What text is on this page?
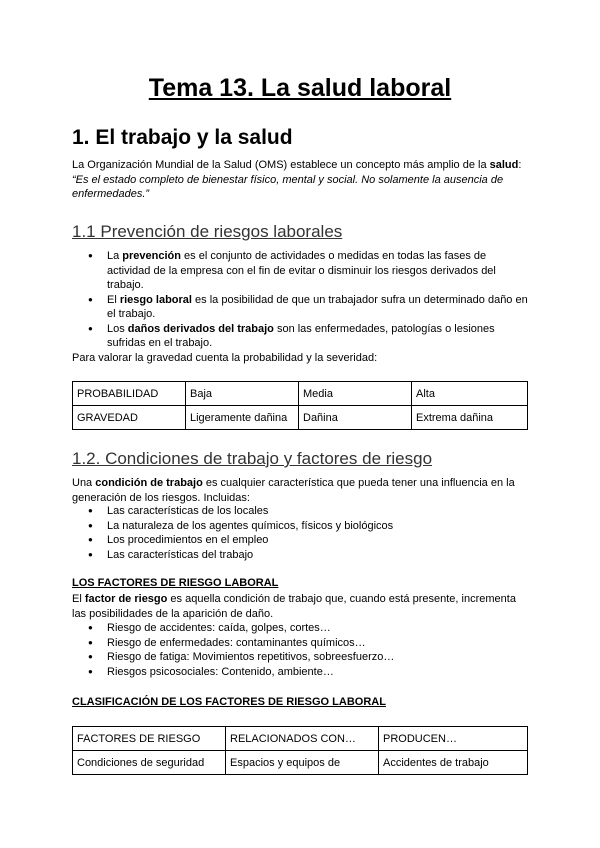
Tema 13. La salud laboral
1. El trabajo y la salud

La Organización Mundial de la Salud (OMS) establece un concepto más amplio de la salud:
“Es el estado completo de bienestar físico, mental y social. No solamente la ausencia de
enfermedades.”

1.1 Prevención de riesgos laborales
● La prevención es el conjunto de actividades o medidas en todas las fases de actividad de la empresa con el fin de evitar o disminuir los riesgos derivados del trabajo.
● El riesgo laboral es la posibilidad de que un trabajador sufra un determinado daño en el trabajo.
● Los daños derivados del trabajo son las enfermedades, patologías o lesiones sufridas en el trabajo.

Para valorar la gravedad cuenta la probabilidad y la severidad:

PROBABILIDAD	Baja	Media	Alta
GRAVEDAD	Ligeramente dañina	Dañina	Extrema dañina
1.2. Condiciones de trabajo y factores de riesgo

Una condición de trabajo es cualquier característica que pueda tener una influencia en la generación de los riesgos. Incluidas:

● Las características de los locales
● La naturaleza de los agentes químicos, físicos y biológicos
● Los procedimientos en el empleo
● Las características del trabajo

LOS FACTORES DE RIESGO LABORAL

El factor de riesgo es aquella condición de trabajo que, cuando está presente, incrementa las posibilidades de la aparición de daño.

● Riesgo de accidentes: caída, golpes, cortes…
● Riesgo de enfermedades: contaminantes químicos…
● Riesgo de fatiga: Movimientos repetitivos, sobreesfuerzo…
● Riesgos psicosociales: Contenido, ambiente…

CLASIFICACIÓN DE LOS FACTORES DE RIESGO LABORAL

FACTORES DE RIESGO	RELACIONADOS CON…	PRODUCEN…
Condiciones de seguridad	Espacios y equipos de	Accidentes de trabajo
